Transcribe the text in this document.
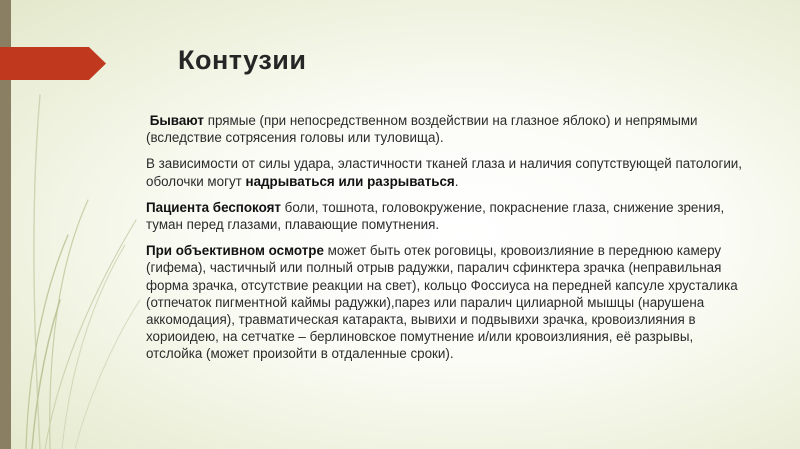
Контузии

Бывают прямые (при непосредственном воздействии на глазное яблоко) и непрямыми (вследствие сотрясения головы или туловища).

В зависимости от силы удара, эластичности тканей глаза и наличия сопутствующей патологии, оболочки могут надрываться или разрываться.

Пациента беспокоят боли, тошнота, головокружение, покраснение глаза, снижение зрения, туман перед глазами, плавающие помутнения.

При объективном осмотре может быть отек роговицы, кровоизлияние в переднюю камеру (гифема), частичный или полный отрыв радужки, паралич сфинктера зрачка (неправильная форма зрачка, отсутствие реакции на свет), кольцо Фоссиуса на передней капсуле хрусталика (отпечаток пигментной каймы радужки),парез или паралич цилиарной мышцы (нарушена аккомодация), травматическая катаракта, вывихи и подвывихи зрачка, кровоизлияния в хориоидею, на сетчатке – берлиновское помутнение и/или кровоизлияния, её разрывы, отслойка (может произойти в отдаленные сроки).
